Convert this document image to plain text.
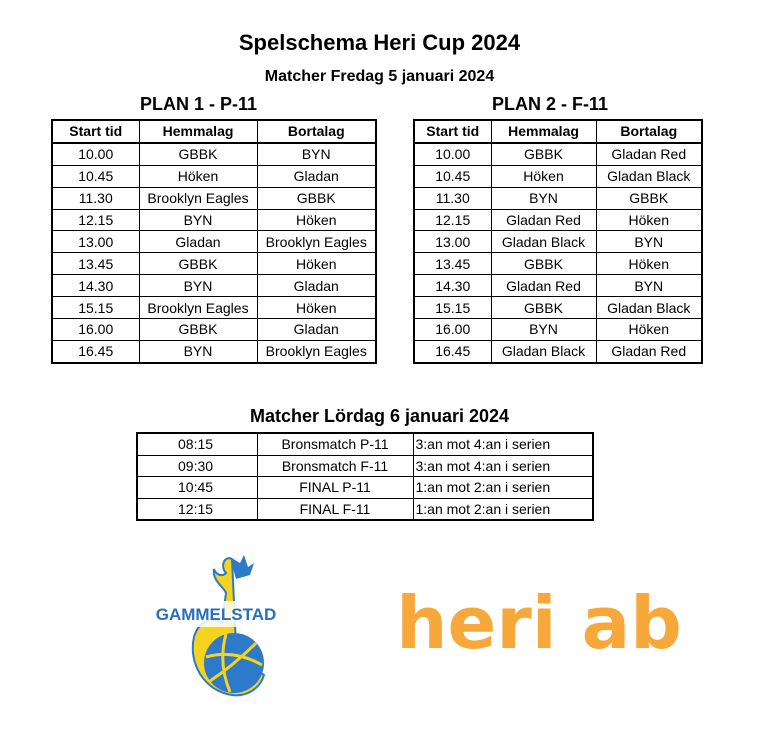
Spelschema Heri Cup 2024
Matcher Fredag 5 januari 2024
PLAN 1 - P-11	PLAN 2 - F-11
Start tid	Hemmalag	Bortalag
10.00	GBBK	BYN
10.45	Höken	Gladan
11.30	Brooklyn Eagles	GBBK
12.15	BYN	Höken
13.00	Gladan	Brooklyn Eagles
13.45	GBBK	Höken
14.30	BYN	Gladan
15.15	Brooklyn Eagles	Höken
16.00	GBBK	Gladan
16.45	BYN	Brooklyn Eagles
Start tid	Hemmalag	Bortalag
10.00	GBBK	Gladan Red
10.45	Höken	Gladan Black
11.30	BYN	GBBK
12.15	Gladan Red	Höken
13.00	Gladan Black	BYN
13.45	GBBK	Höken
14.30	Gladan Red	BYN
15.15	GBBK	Gladan Black
16.00	BYN	Höken
16.45	Gladan Black	Gladan Red
Matcher Lördag 6 januari 2024
08:15	Bronsmatch P-11	3:an mot 4:an i serien
09:30	Bronsmatch F-11	3:an mot 4:an i serien
10:45	FINAL P-11	1:an mot 2:an i serien
12:15	FINAL F-11	1:an mot 2:an i serien
GAMMELSTAD heri ab
